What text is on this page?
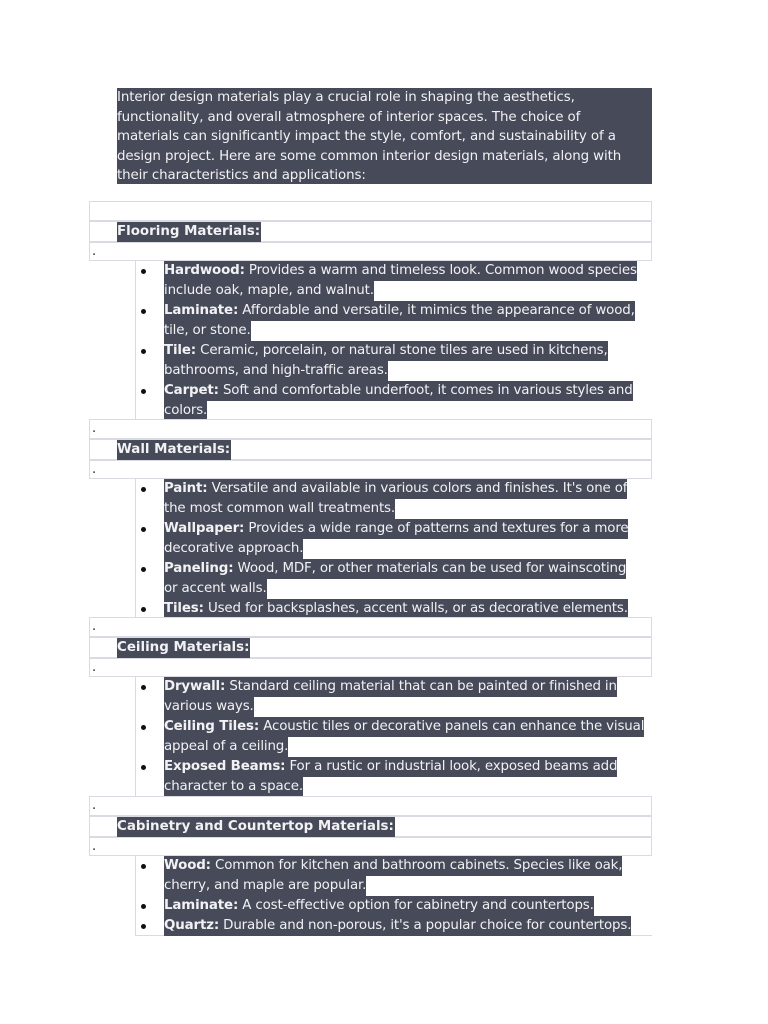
Interior design materials play a crucial role in shaping the aesthetics,
functionality, and overall atmosphere of interior spaces. The choice of
materials can significantly impact the style, comfort, and sustainability of a
design project. Here are some common interior design materials, along with
their characteristics and applications:
Flooring Materials:
.
Hardwood: Provides a warm and timeless look. Common wood species
include oak, maple, and walnut.
Laminate: Affordable and versatile, it mimics the appearance of wood,
tile, or stone.
Tile: Ceramic, porcelain, or natural stone tiles are used in kitchens,
bathrooms, and high-traffic areas.
Carpet: Soft and comfortable underfoot, it comes in various styles and
colors.
.
Wall Materials:
.
Paint: Versatile and available in various colors and finishes. It's one of
the most common wall treatments.
Wallpaper: Provides a wide range of patterns and textures for a more
decorative approach.
Paneling: Wood, MDF, or other materials can be used for wainscoting
or accent walls.
Tiles: Used for backsplashes, accent walls, or as decorative elements.
.
Ceiling Materials:
.
Drywall: Standard ceiling material that can be painted or finished in
various ways.
Ceiling Tiles: Acoustic tiles or decorative panels can enhance the visual
appeal of a ceiling.
Exposed Beams: For a rustic or industrial look, exposed beams add
character to a space.
.
Cabinetry and Countertop Materials:
.
Wood: Common for kitchen and bathroom cabinets. Species like oak,
cherry, and maple are popular.
Laminate: A cost-effective option for cabinetry and countertops.
Quartz: Durable and non-porous, it's a popular choice for countertops.
